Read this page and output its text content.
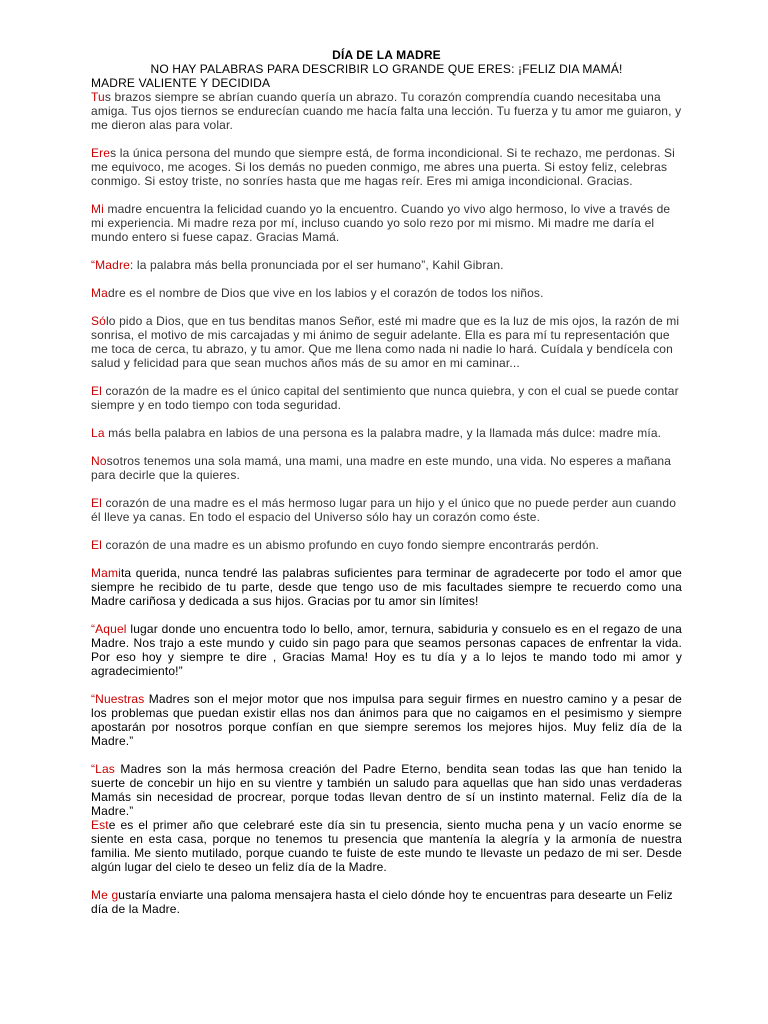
DÍA DE LA MADRE
NO HAY PALABRAS PARA DESCRIBIR LO GRANDE QUE ERES: ¡FELIZ DIA MAMÁ!
MADRE VALIENTE Y DECIDIDA

Tus brazos siempre se abrían cuando quería un abrazo. Tu corazón comprendía cuando necesitaba una amiga. Tus ojos tiernos se endurecían cuando me hacía falta una lección. Tu fuerza y tu amor me guiaron, y me dieron alas para volar.

Eres la única persona del mundo que siempre está, de forma incondicional. Si te rechazo, me perdonas. Si me equivoco, me acoges. Si los demás no pueden conmigo, me abres una puerta. Si estoy feliz, celebras conmigo. Si estoy triste, no sonríes hasta que me hagas reír. Eres mi amiga incondicional. Gracias.

Mi madre encuentra la felicidad cuando yo la encuentro. Cuando yo vivo algo hermoso, lo vive a través de mi experiencia. Mi madre reza por mí, incluso cuando yo solo rezo por mi mismo. Mi madre me daría el mundo entero si fuese capaz. Gracias Mamá.

“Madre: la palabra más bella pronunciada por el ser humano”, Kahil Gibran.

Madre es el nombre de Dios que vive en los labios y el corazón de todos los niños.

Sólo pido a Dios, que en tus benditas manos Señor, esté mi madre que es la luz de mis ojos, la razón de mi sonrisa, el motivo de mis carcajadas y mi ánimo de seguir adelante. Ella es para mí tu representación que me toca de cerca, tu abrazo, y tu amor. Que me llena como nada ni nadie lo hará. Cuídala y bendícela con salud y felicidad para que sean muchos años más de su amor en mi caminar...

El corazón de la madre es el único capital del sentimiento que nunca quiebra, y con el cual se puede contar siempre y en todo tiempo con toda seguridad.

La más bella palabra en labios de una persona es la palabra madre, y la llamada más dulce: madre mía.

Nosotros tenemos una sola mamá, una mami, una madre en este mundo, una vida. No esperes a mañana para decirle que la quieres.

El corazón de una madre es el más hermoso lugar para un hijo y el único que no puede perder aun cuando él lleve ya canas. En todo el espacio del Universo sólo hay un corazón como éste.

El corazón de una madre es un abismo profundo en cuyo fondo siempre encontrarás perdón.

Mamita querida, nunca tendré las palabras suficientes para terminar de agradecerte por todo el amor que siempre he recibido de tu parte, desde que tengo uso de mis facultades siempre te recuerdo como una Madre cariñosa y dedicada a sus hijos. Gracias por tu amor sin límites!

“Aquel lugar donde uno encuentra todo lo bello, amor, ternura, sabiduria y consuelo es en el regazo de una Madre. Nos trajo a este mundo y cuido sin pago para que seamos personas capaces de enfrentar la vida. Por eso hoy y siempre te dire , Gracias Mama! Hoy es tu día y a lo lejos te mando todo mi amor y agradecimiento!”

“Nuestras Madres son el mejor motor que nos impulsa para seguir firmes en nuestro camino y a pesar de los problemas que puedan existir ellas nos dan ánimos para que no caigamos en el pesimismo y siempre apostarán por nosotros porque confían en que siempre seremos los mejores hijos. Muy feliz día de la Madre.”

“Las Madres son la más hermosa creación del Padre Eterno, bendita sean todas las que han tenido la suerte de concebir un hijo en su vientre y también un saludo para aquellas que han sido unas verdaderas Mamás sin necesidad de procrear, porque todas llevan dentro de sí un instinto maternal. Feliz día de la Madre.”

Este es el primer año que celebraré este día sin tu presencia, siento mucha pena y un vacío enorme se siente en esta casa, porque no tenemos tu presencia que mantenía la alegría y la armonía de nuestra familia. Me siento mutilado, porque cuando te fuiste de este mundo te llevaste un pedazo de mi ser. Desde algún lugar del cielo te deseo un feliz día de la Madre.

Me gustaría enviarte una paloma mensajera hasta el cielo dónde hoy te encuentras para desearte un Feliz día de la Madre.
